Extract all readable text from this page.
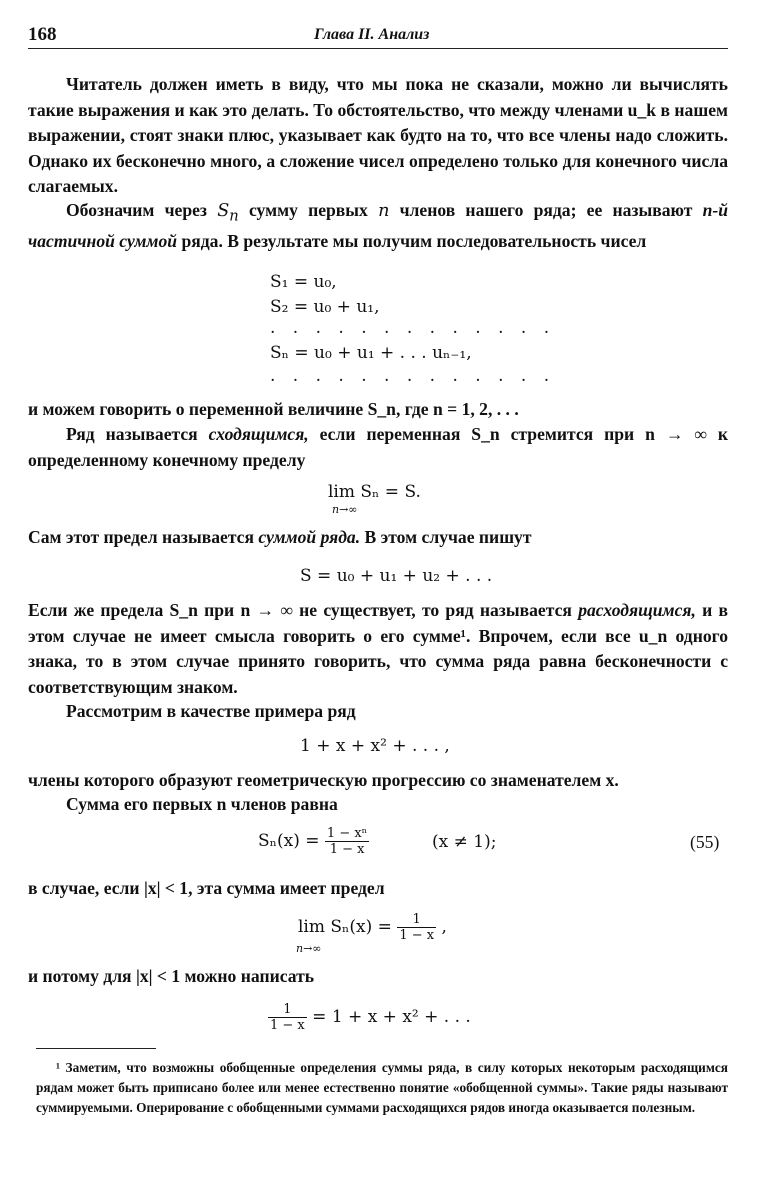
168	Глава II. Анализ
Читатель должен иметь в виду, что мы пока не сказали, можно ли вычислять такие выражения и как это делать. То обстоятельство, что между членами u_k в нашем выражении, стоят знаки плюс, указывает как будто на то, что все члены надо сложить. Однако их бесконечно много, а сложение чисел определено только для конечного числа слагаемых.
Обозначим через $S_n$ сумму первых n членов нашего ряда; ее называют n-й частичной суммой ряда. В результате мы получим последовательность чисел
S₁ = u₀,
S₂ = u₀ + u₁,
. . . . . . . . . . . . .
Sₙ = u₀ + u₁ + . . . uₙ₋₁,
. . . . . . . . . . . . .
и можем говорить о переменной величине S_n, где n = 1, 2, . . .
Ряд называется сходящимся, если переменная S_n стремится при n → ∞ к определенному конечному пределу
lim Sₙ = S.
n→∞
Сам этот предел называется суммой ряда. В этом случае пишут
S = u₀ + u₁ + u₂ + . . .
Если же предела S_n при n → ∞ не существует, то ряд называется расходящимся, и в этом случае не имеет смысла говорить о его сумме¹. Впрочем, если все u_n одного знака, то в этом случае принято говорить, что сумма ряда равна бесконечности с соответствующим знаком.
Рассмотрим в качестве примера ряд
1 + x + x² + . . . ,
члены которого образуют геометрическую прогрессию со знаменателем x.
Сумма его первых n членов равна
$S_n(x) = \frac{\text{1 − xⁿ}}{1 - x}$	(x ≠ 1);	(55)
в случае, если |x| < 1, эта сумма имеет предел
$\lim S_n(x) = \frac{1}{1 - x}$ ,
n→∞
и потому для |x| < 1 можно написать
$\frac{1}{1 - x} = 1 + x + x^2$ + . . .
¹ Заметим, что возможны обобщенные определения суммы ряда, в силу которых некоторым расходящимся рядам может быть приписано более или менее естественно понятие «обобщенной суммы». Такие ряды называют суммируемыми. Оперирование с обобщенными суммами расходящихся рядов иногда оказывается полезным.
